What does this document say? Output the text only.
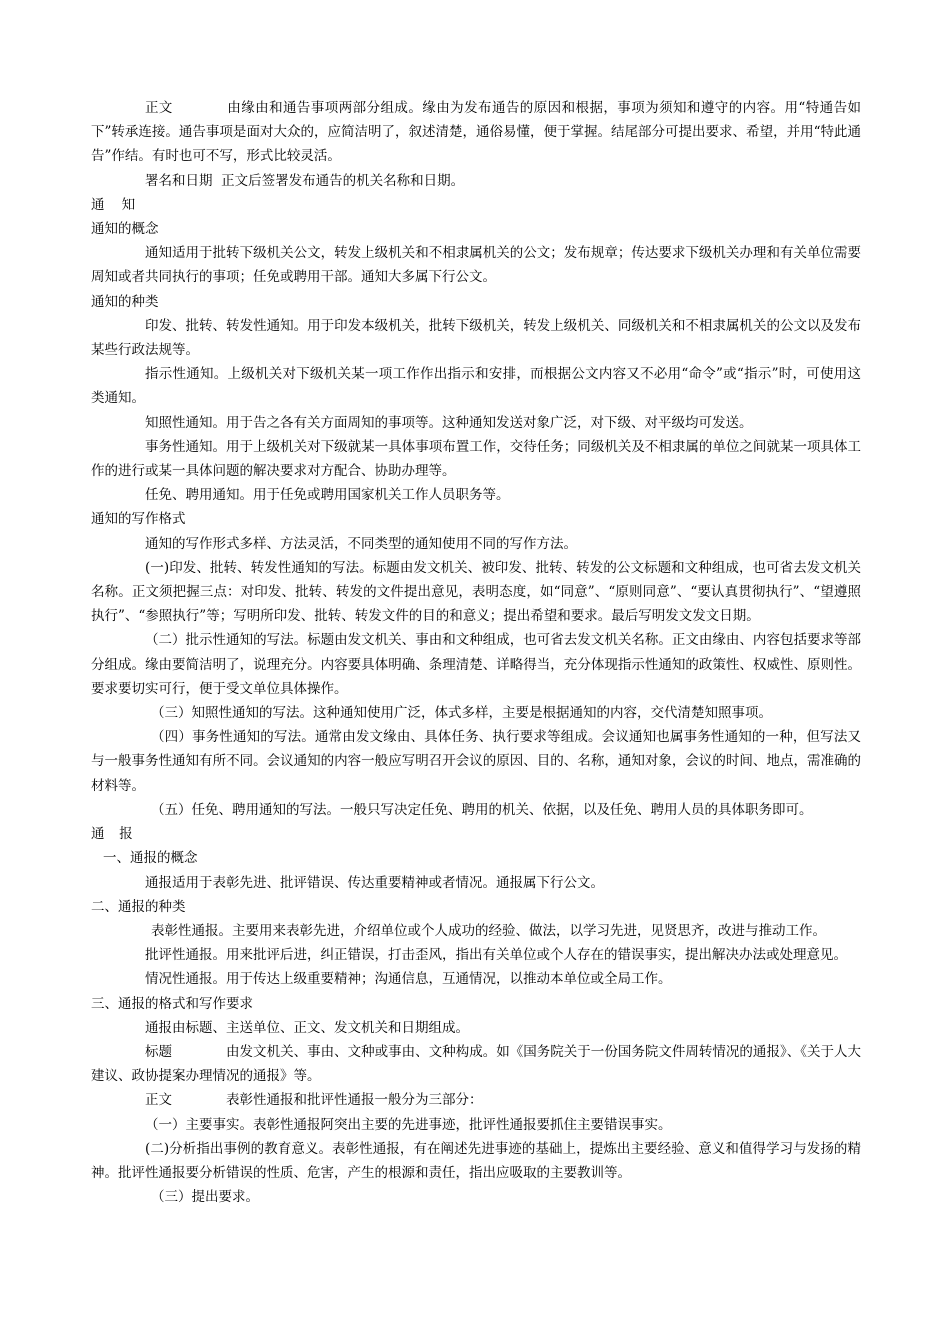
正文	由缘由和通告事项两部分组成。缘由为发布通告的原因和根据，事项为须知和遵守的内容。用“特通告如下”转承连接。通告事项是面对大众的，应简洁明了，叙述清楚，通俗易懂，便于掌握。结尾部分可提出要求、希望，并用“特此通告”作结。有时也可不写，形式比较灵活。

署名和日期  正文后签署发布通告的机关名称和日期。

通    知

通知的概念

通知适用于批转下级机关公文，转发上级机关和不相隶属机关的公文；发布规章；传达要求下级机关办理和有关单位需要周知或者共同执行的事项；任免或聘用干部。通知大多属下行公文。

通知的种类

印发、批转、转发性通知。用于印发本级机关，批转下级机关，转发上级机关、同级机关和不相隶属机关的公文以及发布某些行政法规等。

指示性通知。上级机关对下级机关某一项工作作出指示和安排，而根据公文内容又不必用“命令”或“指示”时，可使用这类通知。

知照性通知。用于告之各有关方面周知的事项等。这种通知发送对象广泛，对下级、对平级均可发送。

事务性通知。用于上级机关对下级就某一具体事项布置工作，交待任务；同级机关及不相隶属的单位之间就某一项具体工作的进行或某一具体问题的解决要求对方配合、协助办理等。

任免、聘用通知。用于任免或聘用国家机关工作人员职务等。

通知的写作格式

通知的写作形式多样、方法灵活，不同类型的通知使用不同的写作方法。

(一)印发、批转、转发性通知的写法。标题由发文机关、被印发、批转、转发的公文标题和文种组成，也可省去发文机关名称。正文须把握三点：对印发、批转、转发的文件提出意见，表明态度，如“同意”、“原则同意”、“要认真贯彻执行”、“望遵照执行”、“参照执行”等；写明所印发、批转、转发文件的目的和意义；提出希望和要求。最后写明发文发文日期。

（二）批示性通知的写法。标题由发文机关、事由和文种组成，也可省去发文机关名称。正文由缘由、内容包括要求等部分组成。缘由要简洁明了，说理充分。内容要具体明确、条理清楚、详略得当，充分体现指示性通知的政策性、权威性、原则性。要求要切实可行，便于受文单位具体操作。

（三）知照性通知的写法。这种通知使用广泛，体式多样，主要是根据通知的内容，交代清楚知照事项。

（四）事务性通知的写法。通常由发文缘由、具体任务、执行要求等组成。会议通知也属事务性通知的一种，但写法又与一般事务性通知有所不同。会议通知的内容一般应写明召开会议的原因、目的、名称，通知对象，会议的时间、地点，需准确的材料等。

（五）任免、聘用通知的写法。一般只写决定任免、聘用的机关、依据，以及任免、聘用人员的具体职务即可。

通  报

一、通报的概念

通报适用于表彰先进、批评错误、传达重要精神或者情况。通报属下行公文。

二、通报的种类

表彰性通报。主要用来表彰先进，介绍单位或个人成功的经验、做法，以学习先进，见贤思齐，改进与推动工作。

批评性通报。用来批评后进，纠正错误，打击歪风，指出有关单位或个人存在的错误事实，提出解决办法或处理意见。

情况性通报。用于传达上级重要精神；沟通信息，互通情况，以推动本单位或全局工作。

三、通报的格式和写作要求

通报由标题、主送单位、正文、发文机关和日期组成。

标题	由发文机关、事由、文种或事由、文种构成。如《国务院关于一份国务院文件周转情况的通报》、《关于人大建议、政协提案办理情况的通报》等。

正文	表彰性通报和批评性通报一般分为三部分：

（一）主要事实。表彰性通报阿突出主要的先进事迹，批评性通报要抓住主要错误事实。

(二)分析指出事例的教育意义。表彰性通报，有在阐述先进事迹的基础上，提炼出主要经验、意义和值得学习与发扬的精神。批评性通报要分析错误的性质、危害，产生的根源和责任，指出应吸取的主要教训等。

（三）提出要求。
